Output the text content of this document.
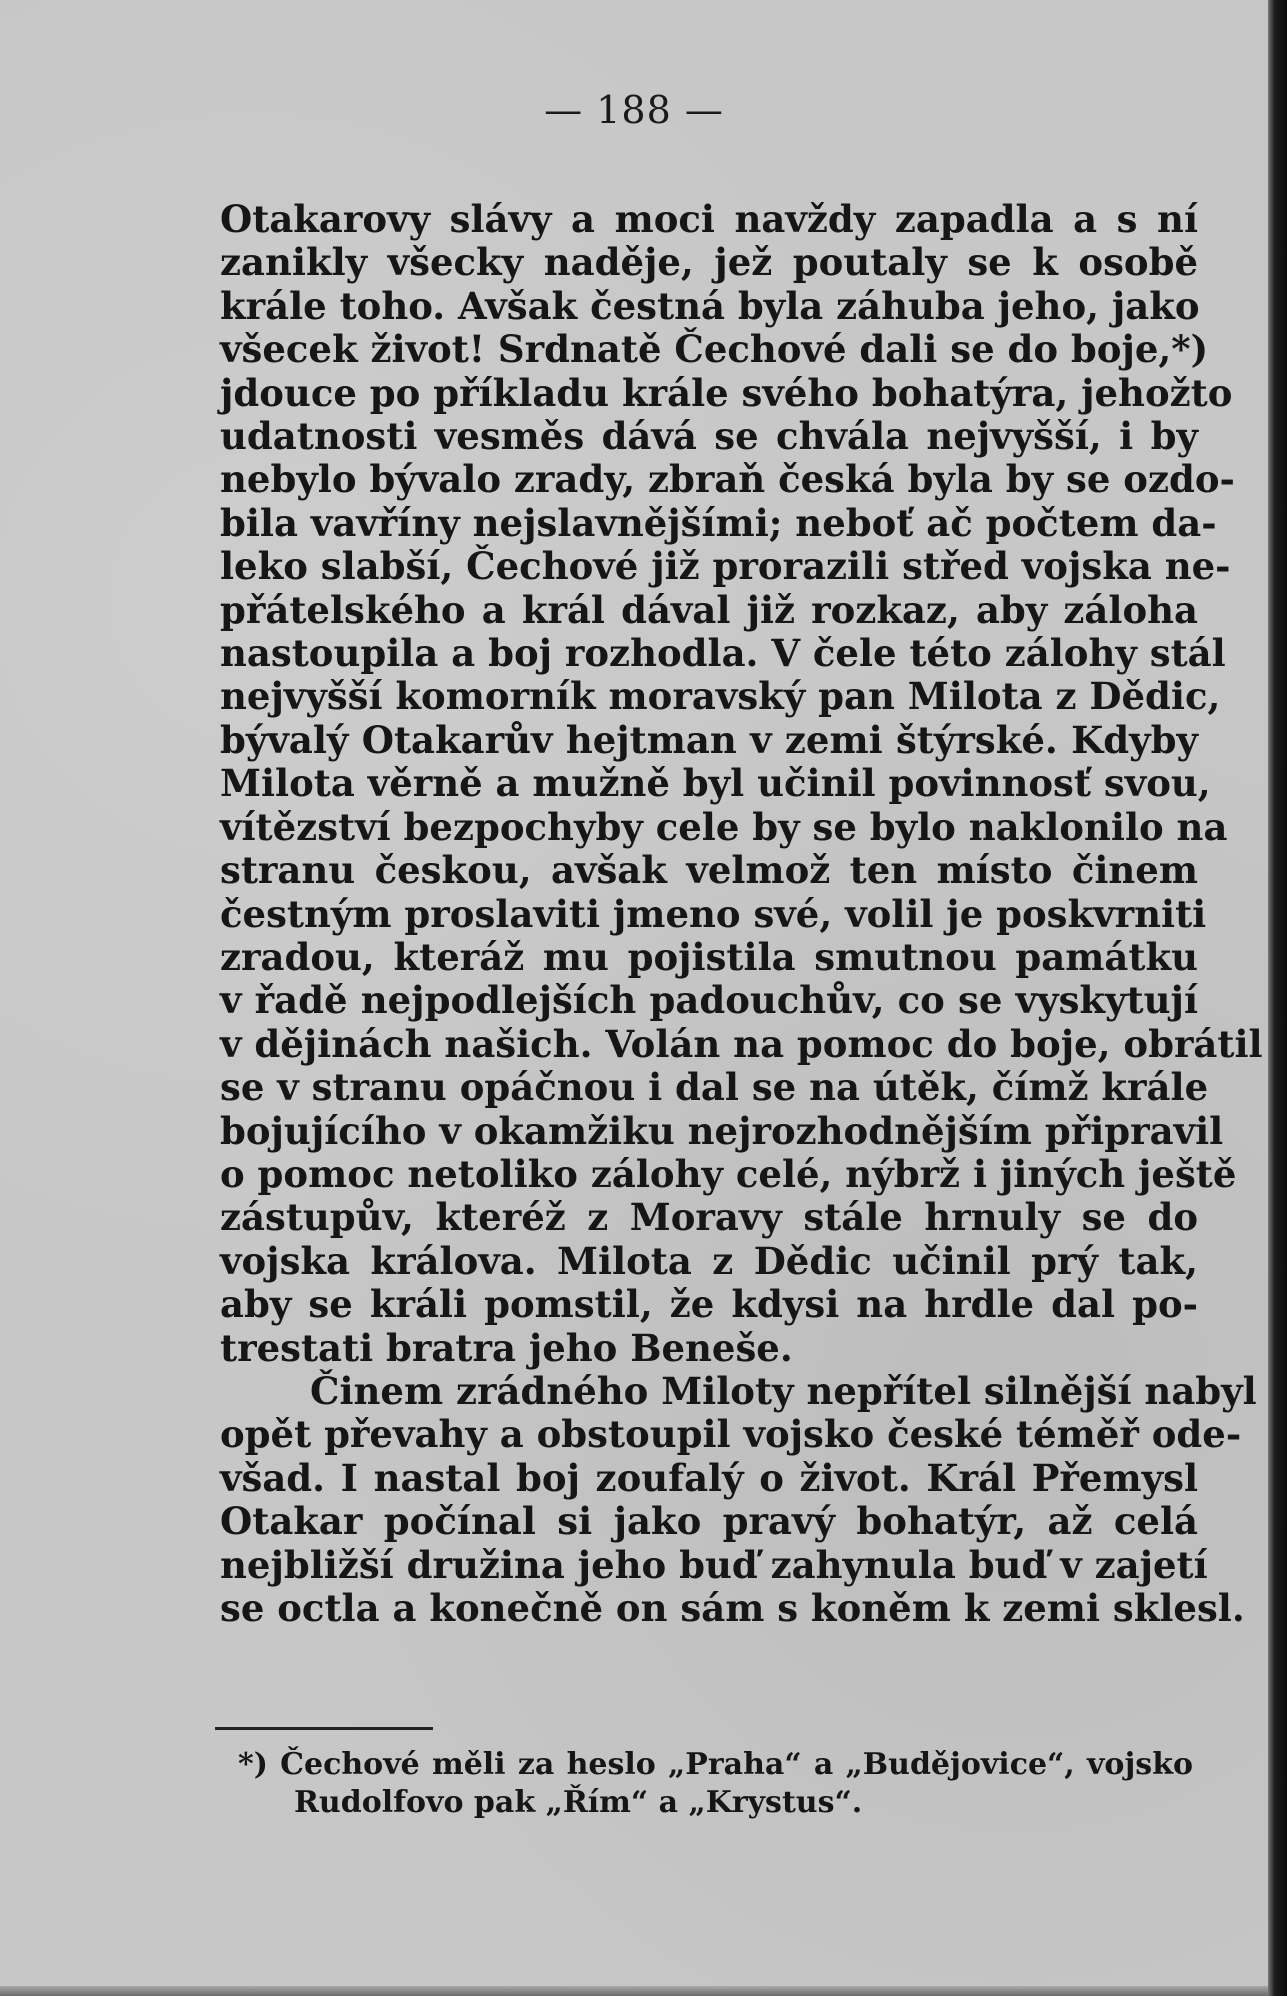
— 188 —
Otakarovy slávy a moci navždy zapadla a s ní
zanikly všecky naděje, jež poutaly se k osobě
krále toho. Avšak čestná byla záhuba jeho, jako
všecek život! Srdnatě Čechové dali se do boje,*)
jdouce po příkladu krále svého bohatýra, jehožto
udatnosti vesměs dává se chvála nejvyšší, i by
nebylo bývalo zrady, zbraň česká byla by se ozdo-
bila vavříny nejslavnějšími; neboť ač počtem da-
leko slabší, Čechové již prorazili střed vojska ne-
přátelského a král dával již rozkaz, aby záloha
nastoupila a boj rozhodla. V čele této zálohy stál
nejvyšší komorník moravský pan Milota z Dědic,
bývalý Otakarův hejtman v zemi štýrské. Kdyby
Milota věrně a mužně byl učinil povinnosť svou,
vítězství bezpochyby cele by se bylo naklonilo na
stranu českou, avšak velmož ten místo činem
čestným proslaviti jmeno své, volil je poskvrniti
zradou, kteráž mu pojistila smutnou památku
v řadě nejpodlejších padouchův, co se vyskytují
v dějinách našich. Volán na pomoc do boje, obrátil
se v stranu opáčnou i dal se na útěk, čímž krále
bojujícího v okamžiku nejrozhodnějším připravil
o pomoc netoliko zálohy celé, nýbrž i jiných ještě
zástupův, kteréž z Moravy stále hrnuly se do
vojska králova. Milota z Dědic učinil prý tak,
aby se králi pomstil, že kdysi na hrdle dal po-
trestati bratra jeho Beneše.
Činem zrádného Miloty nepřítel silnější nabyl
opět převahy a obstoupil vojsko české téměř ode-
všad. I nastal boj zoufalý o život. Král Přemysl
Otakar počínal si jako pravý bohatýr, až celá
nejbližší družina jeho buď zahynula buď v zajetí
se octla a konečně on sám s koněm k zemi sklesl.
*) Čechové měli za heslo „Praha“ a „Budějovice“, vojsko
Rudolfovo pak „Řím“ a „Krystus“.
